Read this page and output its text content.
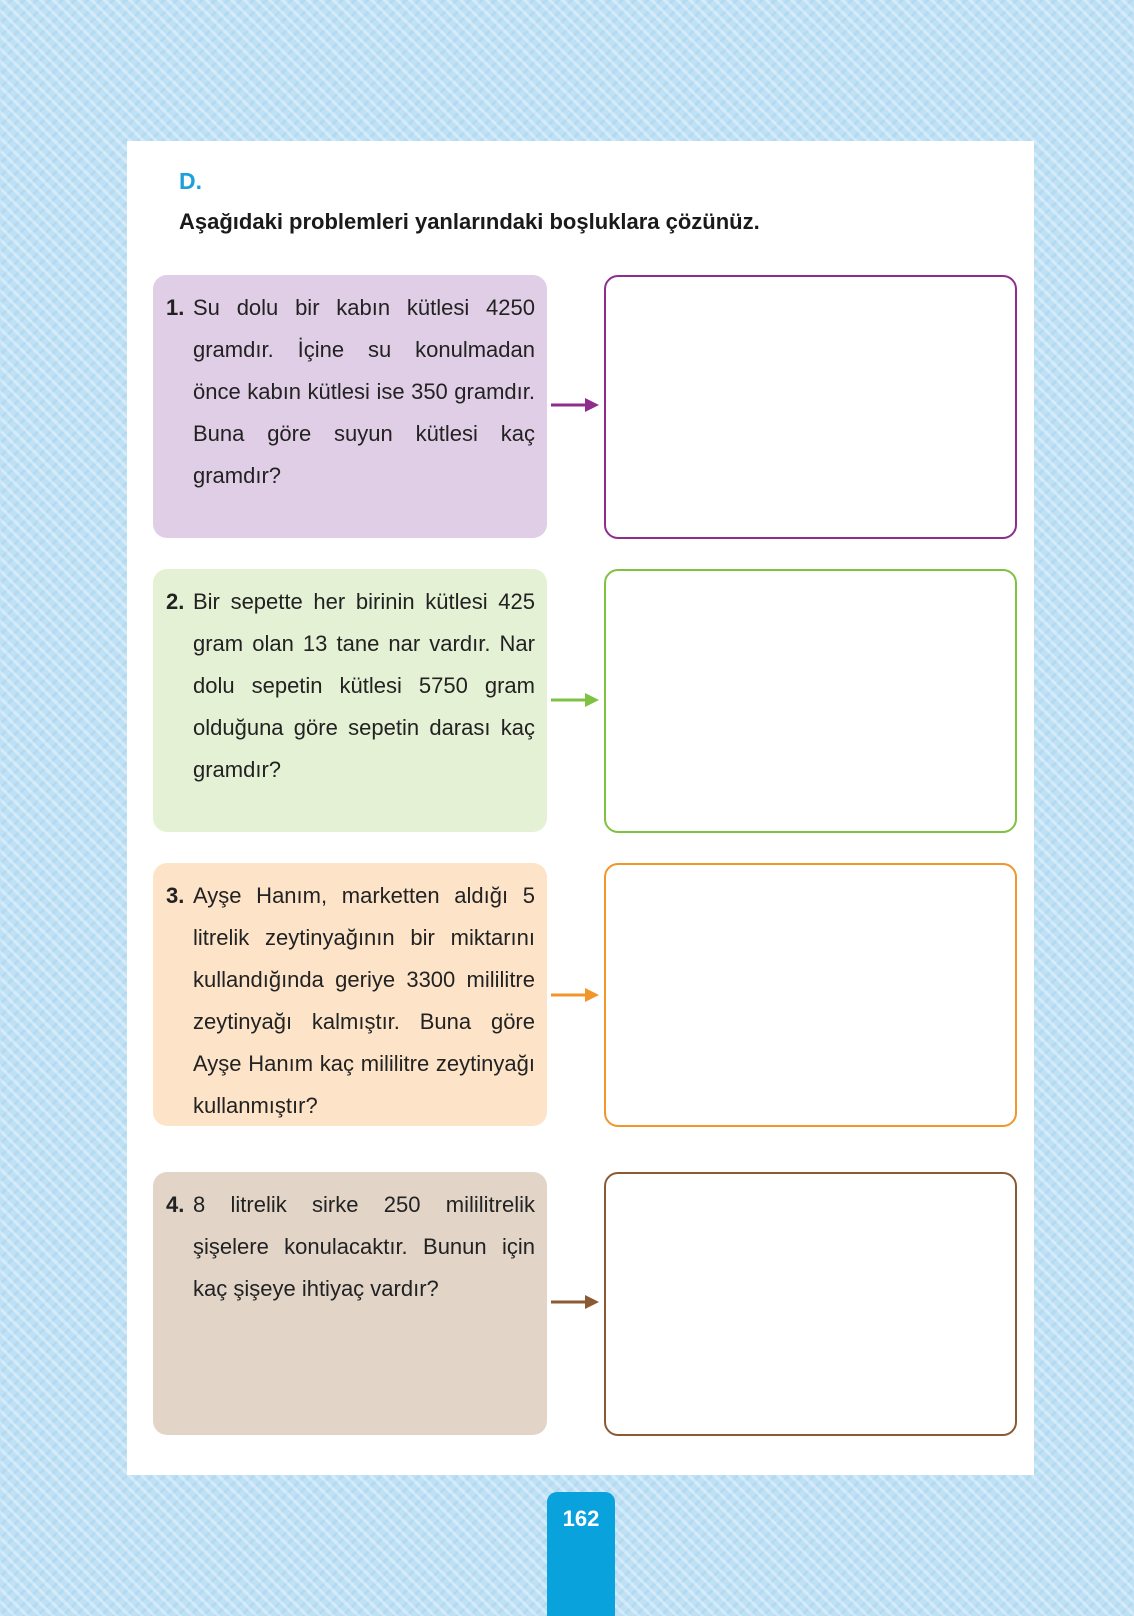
D.
Aşağıdaki problemleri yanlarındaki boşluklara çözünüz.
1. Su dolu bir kabın kütlesi 4250 gramdır. İçine su konulmadan önce kabın kütlesi ise 350 gramdır. Buna göre suyun kütlesi kaç gramdır?
2. Bir sepette her birinin kütlesi 425 gram olan 13 tane nar vardır. Nar dolu sepetin kütlesi 5750 gram olduğuna göre sepetin darası kaç gramdır?
3. Ayşe Hanım, marketten aldığı 5 litrelik zeytinyağının bir miktarını kullandığında geriye 3300 mililitre zeytinyağı kalmıştır. Buna göre Ayşe Hanım kaç mililitre zeytinyağı kullanmıştır?
4. 8 litrelik sirke 250 mililitrelik şişelere konulacaktır. Bunun için kaç şişeye ihtiyaç vardır?
162
